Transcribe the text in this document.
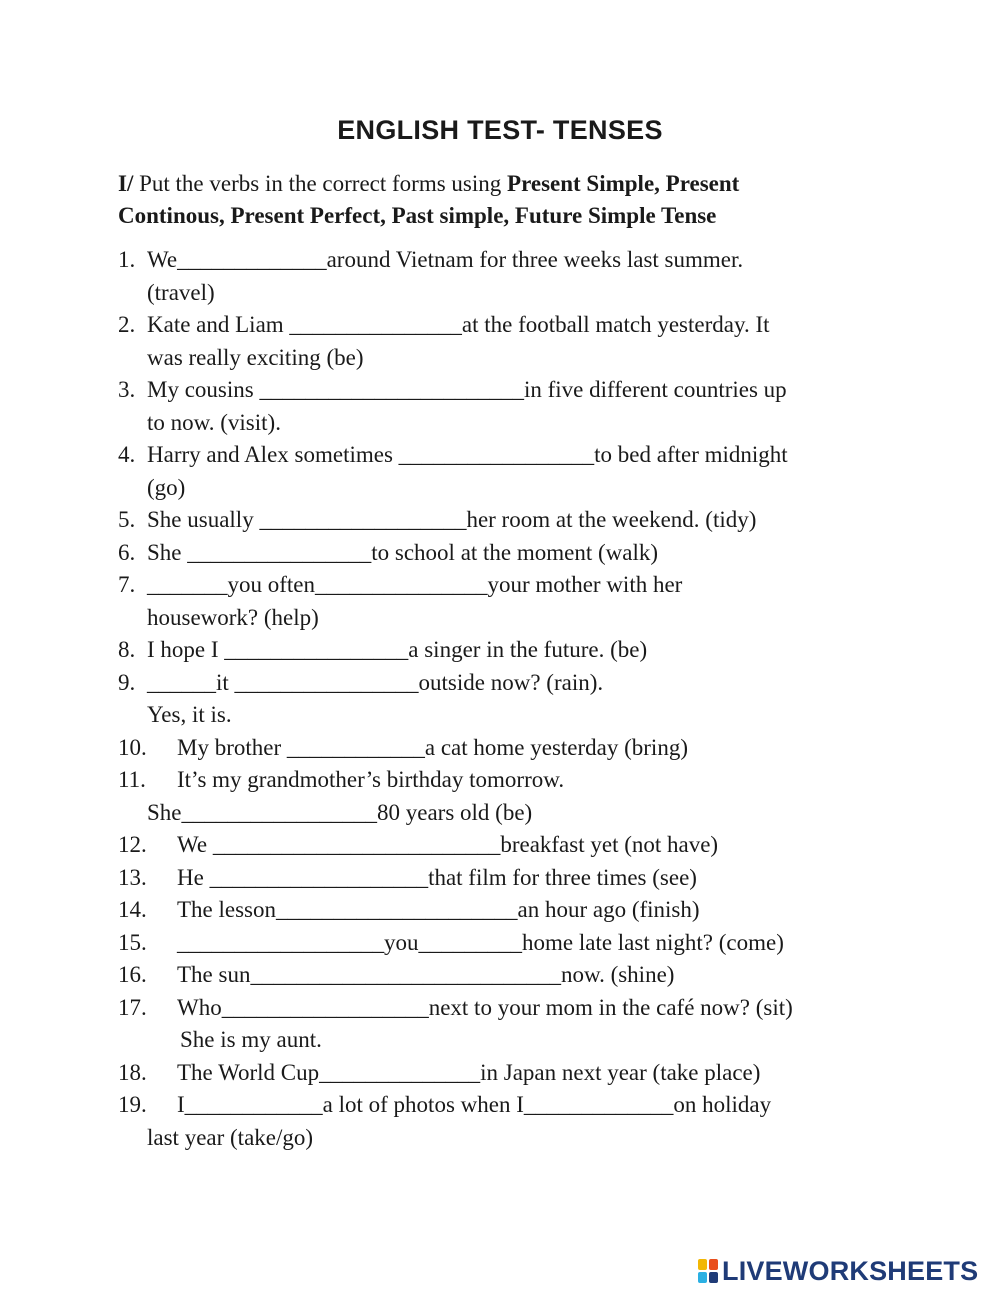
ENGLISH TEST- TENSES
I/ Put the verbs in the correct forms using Present Simple, Present
Continous, Present Perfect, Past simple, Future Simple Tense
1. We_____________around Vietnam for three weeks last summer.
(travel)
2. Kate and Liam _______________at the football match yesterday. It
was really exciting (be)
3. My cousins _______________________in five different countries up
to now. (visit).
4. Harry and Alex sometimes _________________to bed after midnight
(go)
5. She usually __________________her room at the weekend. (tidy)
6. She ________________to school at the moment (walk)
7. _______you often_______________your mother with her
housework? (help)
8. I hope I ________________a singer in the future. (be)
9. ______it ________________outside now? (rain).
Yes, it is.
10.	My brother ____________a cat home yesterday (bring)
11.	It’s my grandmother’s birthday tomorrow.
She_________________80 years old (be)
12.	We _________________________breakfast yet (not have)
13.	He ___________________that film for three times (see)
14.	The lesson_____________________an hour ago (finish)
15.	__________________you_________home late last night? (come)
16.	The sun___________________________now. (shine)
17.	Who__________________next to your mom in the café now? (sit)
She is my aunt.
18.	The World Cup______________in Japan next year (take place)
19.	I____________a lot of photos when I_____________on holiday
last year (take/go)
LIVEWORKSHEETS
